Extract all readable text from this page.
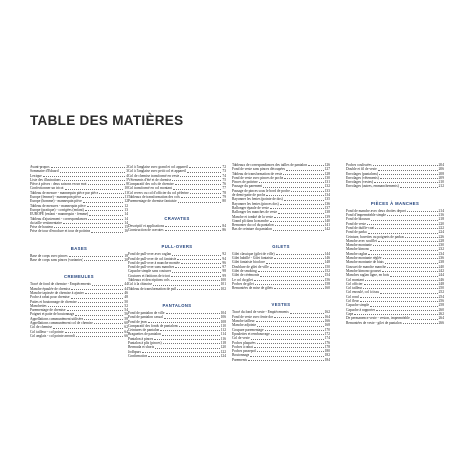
TABLE DES MATIÈRES
Avant-propos	2
Sommaire d'Eduard	3
Lexique	4
Liste des illustrations	5
Pièce à pièces : deux saisons en un mot	8
Confectionner un tricot	10
Tableau de mesure - mannequin pièce par pièce	11
Europe (femme) - mannequin pièce	11
Europe (homme) - mannequin pièce	12
Tableau de mesures - mannequin pièce	12
Europe (pratique) - corrigées (enfant)	13
EUROPE (enfant - mannequin - femme)	14
Tableau d'ajustement - correspondances	14
du taille vestimentaire	14
Prise de hauteur	15
Prise de tour d'encolure et tour de poitrine	16
BASES
Base de corps avec pinces	18
Base de corps sans pinces (variantes)	20
CREMEULES
Tracé de fond de chemise - Empiècements	44
Manche épaulée de chemise	44
Manche tapissée de chemise à ajuster	46
Poche à rabat pour chemise	48
Pattes et boutonnage de chemise	50
Manchettes	52
Parementage de chemise	54
Poignet et patte de boutonnage	56
Appellations communément utilisées	58
Appellations communément col de chemise	60
Col de chemise	62
Col tailleur - col pointe	64
Col anglais - col pointe arrondi	66
Col à l'anglaise avec grand et col appareil	72
Col à l'anglaise avec petit col et appareil	73
Col de chemise transformé en veste	74
Vêtements d'été et de chemise	75
Comparatif des cols de chemise	76
Col transformé en col montant	77
Col revers ou col d'officier du col pèlerine	78
Tableaux de transformation des cols	79
Parementage de chemise fantaisie	80
CRAVATES
Descriptif et applications	84
Construction de cravates	86
PULL-OVERS
Fond de pull-over avec raglan	92
Fond de pull-over de col fantaisie	94
Fond de pull-over à manche montée	96
Fond de pull-over sans manches	97
Capuche simple sans coutures	98
Coutures et finitions de tricot	99
Tableaux et descriptions cols	100
Col à la chinoise	101
Tableau de transformation de pull	102
PANTALONS
Fond de pantalon de ville	104
Fond de pantalon casual	106
Fond de jean	108
Comparatif des fonds de pantalons	110
Ceintures de pantalon	112
Braguettes de pantalon	114
Pantalon à pinces	116
Pantalon à plis (pinces)	118
Bermuda et shorts	120
Jodhpurs	122
Confirmation	124
Tableaux de correspondances des tailles de pantalon	126
Fond de veste sans pinces découpées	127
Tableau de transformation de veste	128
Fond de veste avec pinces de poche	130
Pinces de poitrine	131
Passage du parement	132
Passage de pinces sous le bord de poche	133
de demi-patte de poche	134
Rayonner les fentes (pointe de dos)	135
Rayonner les fentes (pinces dos)	136
Rallonger épaule de veste	137
Rallonger les manches de veste	138
Manche et tombé de la veste	139
Grand pli dans la manche	140
Remonter du col du pantalon	141
Bas de ceinture du pantalon	142
GILETS
Gilet classique (gilet de ville)	144
Gilet habillé - Gilet fantaisie	146
Gilet fantaisie bicolore	148
Doublure de gilet de ville	150
Gilet de smoking	152
Gilet de cérémonie	154
Le col du gilet	156
Poches de gilet	158
Remontées de mise de gilets	160
VESTES
Tracé du fond de veste - Empiècements	162
Fond de veste avec fente dos	164
Manche tailleur	166
Manche adjointe	168
Coupure parementage	170
Épaulettes et rembourrage	172
Col de veste	174
Poches plaquées	176
Poches à rabat	178
Poches passepoil	180
Boutonnage	182
Parements	184
Poches coulissées	204
Double et fil de veste	206
Envolages (pantalons)	208
Envolages (vêtements)	209
Envolages (vestes)	210
Envolages (autres, emmanchements)	212
PIÈCES À MANCHES
Fond de manche avec deux droites deport	214
Fond d'imperméable simple	216
Fond de blouson	218
Fond de veste	220
Fond de duffle-coat	222
Fond de parka	224
Ceinture, bavettes ou poignets de parkas	226
Manche avec soufflet	228
Manche montante	230
Manche kimono	232
Manche raglan	234
Manche montante réglée	236
Manche montante de biais	238
Gousset de manche manche	240
Manche kimono gousset	242
Manches raglan ligne, en bois	244
Col montant	246
Col officier	248
Col tailleur	250
Col enroulé, col à tissu	252
Col rond	254
Col fleur	256
Capuche simple	258
Capuche à rapporter	260
Cape	262
De permanence veste - veston, imperméable	264
Remontées de veste - gilet de pantalon	266
